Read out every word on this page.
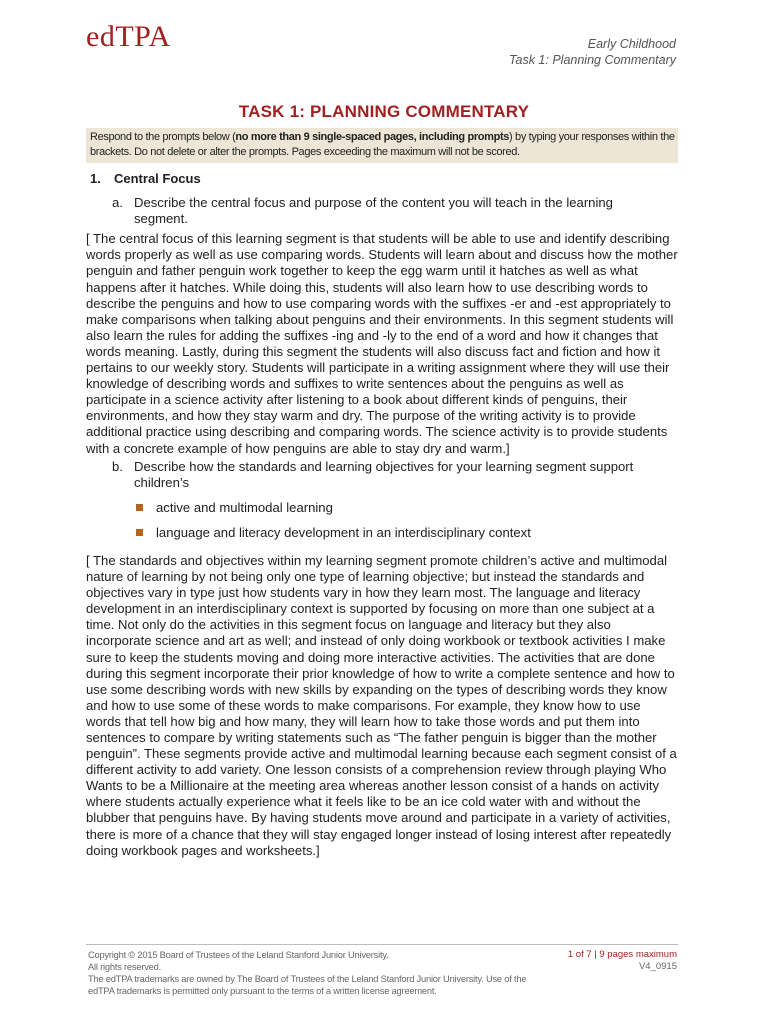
edTPA	Early Childhood
Task 1: Planning Commentary
TASK 1: PLANNING COMMENTARY
Respond to the prompts below (no more than 9 single-spaced pages, including prompts) by typing your responses within the brackets. Do not delete or alter the prompts. Pages exceeding the maximum will not be scored.
1. Central Focus
a. Describe the central focus and purpose of the content you will teach in the learning segment.
[ The central focus of this learning segment is that students will be able to use and identify describing words properly as well as use comparing words. Students will learn about and discuss how the mother penguin and father penguin work together to keep the egg warm until it hatches as well as what happens after it hatches. While doing this, students will also learn how to use describing words to describe the penguins and how to use comparing words with the suffixes -er and -est appropriately to make comparisons when talking about penguins and their environments. In this segment students will also learn the rules for adding the suffixes -ing and -ly to the end of a word and how it changes that words meaning. Lastly, during this segment the students will also discuss fact and fiction and how it pertains to our weekly story. Students will participate in a writing assignment where they will use their knowledge of describing words and suffixes to write sentences about the penguins as well as participate in a science activity after listening to a book about different kinds of penguins, their environments, and how they stay warm and dry. The purpose of the writing activity is to provide additional practice using describing and comparing words. The science activity is to provide students with a concrete example of how penguins are able to stay dry and warm.]
b. Describe how the standards and learning objectives for your learning segment support children’s
active and multimodal learning
language and literacy development in an interdisciplinary context
[ The standards and objectives within my learning segment promote children’s active and multimodal nature of learning by not being only one type of learning objective; but instead the standards and objectives vary in type just how students vary in how they learn most. The language and literacy development in an interdisciplinary context is supported by focusing on more than one subject at a time. Not only do the activities in this segment focus on language and literacy but they also incorporate science and art as well; and instead of only doing workbook or textbook activities I make sure to keep the students moving and doing more interactive activities. The activities that are done during this segment incorporate their prior knowledge of how to write a complete sentence and how to use some describing words with new skills by expanding on the types of describing words they know and how to use some of these words to make comparisons. For example, they know how to use words that tell how big and how many, they will learn how to take those words and put them into sentences to compare by writing statements such as “The father penguin is bigger than the mother penguin”. These segments provide active and multimodal learning because each segment consist of a different activity to add variety. One lesson consists of a comprehension review through playing Who Wants to be a Millionaire at the meeting area whereas another lesson consist of a hands on activity where students actually experience what it feels like to be an ice cold water with and without the blubber that penguins have. By having students move around and participate in a variety of activities, there is more of a chance that they will stay engaged longer instead of losing interest after repeatedly doing workbook pages and worksheets.]
Copyright © 2015 Board of Trustees of the Leland Stanford Junior University.
All rights reserved.
The edTPA trademarks are owned by The Board of Trustees of the Leland Stanford Junior University. Use of the edTPA trademarks is permitted only pursuant to the terms of a written license agreement.
1 of 7 | 9 pages maximum
V4_0915
